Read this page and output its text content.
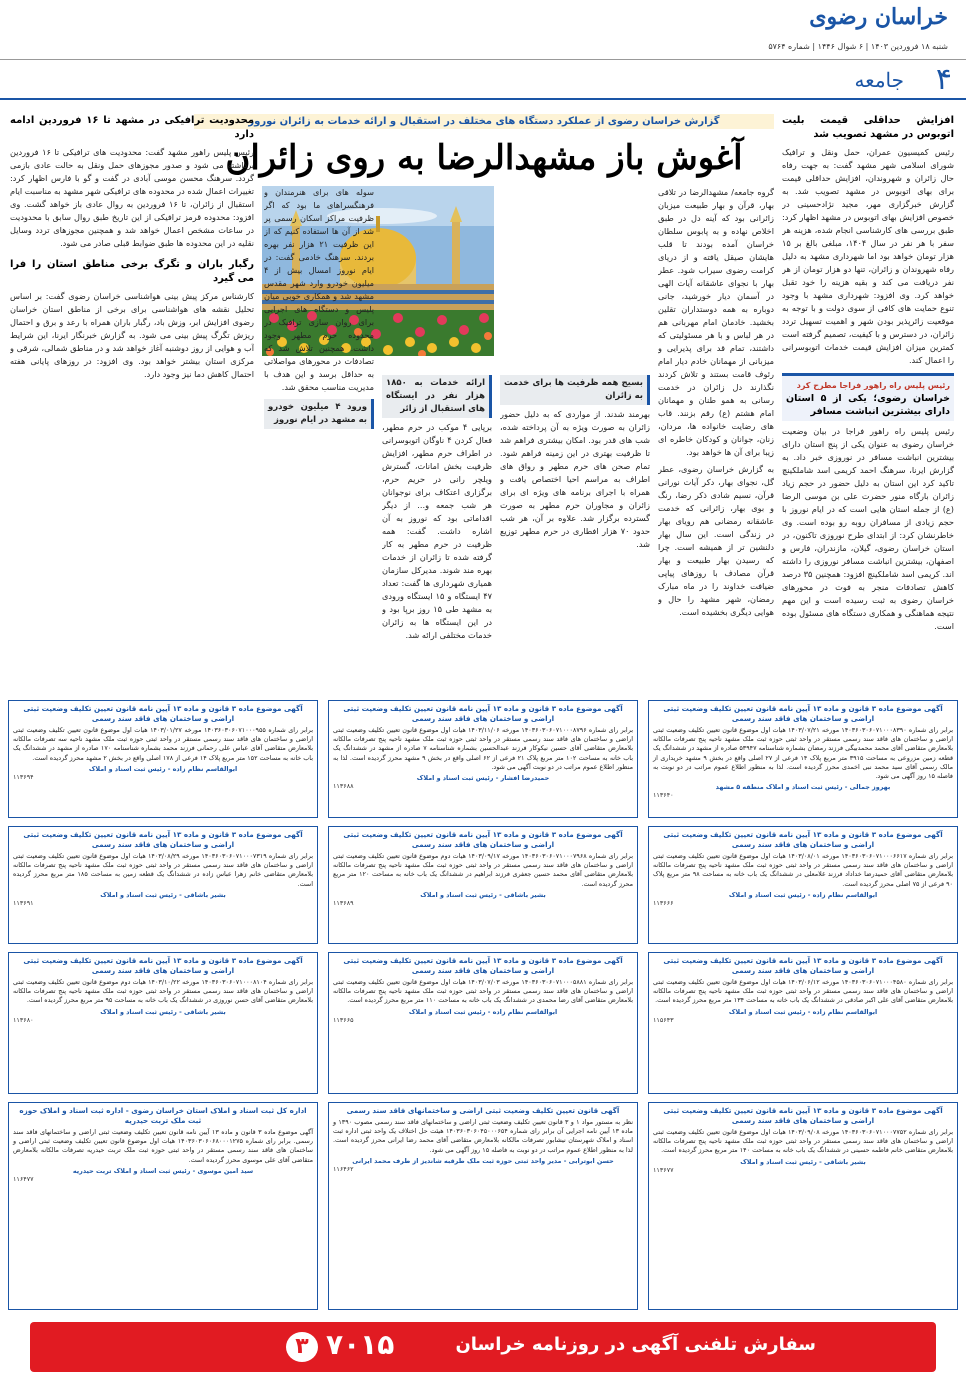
خراسان رضوی
شنبه ۱۸ فروردین ۱۴۰۳ | ۶ شوال ۱۴۴۶ | شماره ۵۷۶۴
۴
جامعه
افزایش حداقلی قیمت بلیت اتوبوس در مشهد تصویب شد

رئیس کمیسیون عمران، حمل ونقل و ترافیک شورای اسلامی شهر مشهد گفت: به جهت رفاه حال زائران و شهروندان، افزایش حداقلی قیمت برای بهای اتوبوس در مشهد تصویب شد. به گزارش خبرگزاری مهر، مجید نژادحسینی در خصوص افزایش بهای اتوبوس در مشهد اظهار کرد: طبق بررسی های کارشناسی انجام شده، هزینه هر سفر با هر نفر در سال ۱۴۰۴، مبلغی بالغ بر ۱۵ هزار تومان خواهد بود اما شهرداری مشهد به دلیل رفاه شهروندان و زائران، تنها دو هزار تومان از هر نفر دریافت می کند و بقیه هزینه را خود تقبل خواهد کرد. وی افزود: شهرداری مشهد با وجود تنوع حمایت های کافی از سوی دولت و با توجه به موقعیت زائرپذیر بودن شهر و اهمیت تسهیل تردد زائران، در دسترس و با کیفیت، تصمیم گرفته است کمترین میزان افزایش قیمت خدمات اتوبوسرانی را اعمال کند.

رئیس پلیس راه راهور فراجا مطرح کرد
خراسان رضوی؛ یکی از ۵ استان دارای بیشترین انباشت مسافر

رئیس پلیس راه راهور فراجا در بیان وضعیت خراسان رضوی به عنوان یکی از پنج استان دارای بیشترین انباشت مسافر در نوروزی خبر داد. به گزارش ایرنا، سرهنگ احمد کریمی اسد شاملکینچ تاکید کرد این استان به دلیل حضور در حجم زیاد زائران بارگاه منور حضرت علی بن موسی الرضا (ع) از جمله استان هایی است که در ایام نوروز با حجم زیادی از مسافران روبه رو بوده است. وی خاطرنشان کرد: از ابتدای طرح نوروزی تاکنون، در استان خراسان رضوی، گیلان، مازندران، فارس و اصفهان، بیشترین انباشت مسافر نوروزی را داشته اند. کریمی اسد شاملکینچ افزود: همچنین ۳۵ درصد کاهش تصادفات منجر به فوت در محورهای خراسان رضوی به ثبت رسیده است و این مهم نتیجه هماهنگی و همکاری دستگاه های مسئول بوده است.

گزارش خراسان رضوی از عملکرد دستگاه های مختلف در استقبال و ارائه خدمات به زائران نوروز
آغوش باز مشهدالرضا به روی زائران

گروه جامعه/ مشهدالرضا در تلاقی بهار، قرآن و بهار طبیعت میزبان زائرانی بود که آینه دل در طبق اخلاص نهاده و به پابوس سلطان خراسان آمده بودند تا قلب هایشان صیقل یافته و از دریای کرامت رضوی سیراب شود. عطر بهار با نجوای عاشقانه آیات الهی در آسمان دیار خورشید، جانی دوباره به همه دوستداران تقلین بخشید. خادمان امام مهربانی هم در هر لباس و با هر مسئولیتی که داشتند، تمام قد برای پذیرایی و میزبانی از مهمانان خادم دیار امام رئوف قامت بستند و تلاش کردند نگذارند دل زائران در خدمت رسانی به همو طنان و مهمانان امام هشتم (ع) رقم بزنند. قاب های رضایت خانواده ها، مردان، زنان، جوانان و کودکان خاطره ای زیبا برای آن ها خواهد بود.

به گزارش خراسان رضوی، عطر گل، نجوای بهار، دکر آیات نورانی قرآن، نسیم شادی ذکر رضا، رنگ و بوی بهار، زائرانی که خدمت عاشقانه رمضانی هم رویای بهار در زندگی است. این سال بهار دلنشین تر از همیشه است. چرا که رسیدن بهار طبیعت و بهار قرآن مصادف با روزهای پیاپی ضیافت خداوند را در ماه مبارک رمضان، شهر مشهد را حال و هوایی دیگری بخشیده است.

بسیج همه ظرفیت ها برای خدمت به زائران

بهرمند شدند. از مواردی که به دلیل حضور زائران به صورت ویژه به آن پرداخته شده، شب های قدر بود. امکان بیشتری فراهم شد تا ظرفیت بهتری در این زمینه فراهم شود. تمام صحن های حرم مطهر و رواق های اطراف به مراسم احیا اختصاص یافت و همراه با اجرای برنامه های ویژه ای برای زائران و مجاوران حرم مطهر به صورت گسترده برگزار شد. علاوه بر آن، هر شب حدود ۷۰ هزار افطاری در حرم مطهر توزیع شد.

ارائه خدمات به ۱۸۵۰ هزار نفر در ایستگاه های استقبال از زائر

برپایی ۴ موکب در حرم مطهر، فعال کردن ۴ ناوگان اتوبوسرانی در اطراف حرم مطهر، افزایش ظرفیت بخش امانات، گسترش ویلچر رانی در حریم حرم، برگزاری اعتکاف برای نوجوانان هر شب جمعه و... از دیگر اقداماتی بود که نوروز به آن اشاره داشت. گفت: همه ظرفیت در حرم مطهر به کار گرفته شده تا زائران از خدمات بهره مند شوند. مدیرکل سازمان همیاری شهرداری ها گفت: تعداد ۴۷ ایستگاه و ۱۵ ایستگاه ورودی به مشهد طی ۱۵ روز برپا بود و در این ایستگاه ها به زائران خدمات مختلفی ارائه شد.

سوله های برای هنرمندان و فرهنگسراهای ما بود که اگر ظرفیت مراکز اسکان رسمی پر شد از آن ها استفاده کنیم که از این ظرفیت ۲۱ هزار نفر بهره بردند. سرهنگ خادمی گفت: در ایام نوروز امسال بیش از ۴ میلیون خودرو وارد شهر مقدس مشهد شد و همکاری خوبی میان پلیس و دستگاه های اجرایی برای روان سازی ترافیک در محدوده حرم مطهر وجود داشت. همچنین تلاش شد که تصادفات در محورهای مواصلاتی به حداقل برسد و این هدف با مدیریت مناسب محقق شد.

ورود ۴ میلیون خودرو به مشهد در ایام نوروز
محدودیت ترافیکی در مشهد تا ۱۶ فروردین ادامه دارد

رئیس پلیس راهور مشهد گفت: محدودیت های ترافیکی تا ۱۶ فروردین برداشته می شود و صدور مجوزهای حمل ونقل به حالت عادی بازمی گردد. سرهنگ محسن موسی آبادی در گفت و گو با فارس اظهار کرد: تغییرات اعمال شده در محدوده های ترافیکی شهر مشهد به مناسبت ایام استقبال از زائران، تا ۱۶ فروردین به روال عادی باز خواهد گشت. وی افزود: محدوده قرمز ترافیکی از این تاریخ طبق روال سابق با محدودیت در ساعات مشخص اعمال خواهد شد و همچنین مجوزهای تردد وسایل نقلیه در این محدوده ها طبق ضوابط قبلی صادر می شود.

رگبار باران و تگرگ برخی مناطق استان را فرا می گیرد

کارشناس مرکز پیش بینی هواشناسی خراسان رضوی گفت: بر اساس تحلیل نقشه های هواشناسی برای برخی از مناطق استان خراسان رضوی افزایش ابر، وزش باد، رگبار باران همراه با رعد و برق و احتمال ریزش تگرگ پیش بینی می شود. به گزارش خبرنگار ایرنا، این شرایط آب و هوایی از روز دوشنبه آغاز خواهد شد و در مناطق شمالی، شرقی و مرکزی استان بیشتر خواهد بود. وی افزود: در روزهای پایانی هفته احتمال کاهش دما نیز وجود دارد.

آگهی موضوع ماده ۳ قانون و ماده ۱۳ آیین نامه قانون تعیین تکلیف وضعیت ثبتی اراضی و ساختمان های فاقد سند رسمی
برابر رای شماره ۱۴۰۳۶۰۳۰۶۰۷۱۰۰۰۸۳۹۰ مورخه ۱۴۰۳/۰۷/۲۱ هیات اول موضوع قانون تعیین تکلیف وضعیت ثبتی اراضی و ساختمان های فاقد سند رسمی مستقر در واحد ثبتی حوزه ثبت ملک مشهد ناحیه پنج تصرفات مالکانه بلامعارض متقاضی آقای محمد محمدبیگی فرزند رمضان بشماره شناسنامه ۵۳۹۴۷ صادره از مشهد در ششدانگ یک قطعه زمین مزروعی به مساحت ۳۹۱۵ متر مربع پلاک ۱۴ فرعی از ۲۷ اصلی واقع در بخش ۹ مشهد خریداری از مالک رسمی آقای سید محمد نبی اخمدی محرز گردیده است. لذا به منظور اطلاع عموم مراتب در دو نوبت به فاصله ۱۵ روز آگهی می شود.
بهروز جمالی - رئیس ثبت اسناد و املاک منطقه ۵ مشهد
۱۱۳۶۴۰
آگهی موضوع ماده ۳ قانون و ماده ۱۳ آیین نامه قانون تعیین تکلیف وضعیت ثبتی اراضی و ساختمان های فاقد سند رسمی
برابر رای شماره ۱۴۰۳۶۰۳۰۶۰۷۱۰۰۰۸۷۹۶ مورخه ۱۴۰۳/۱۱/۰۶ هیات اول موضوع قانون تعیین تکلیف وضعیت ثبتی اراضی و ساختمان های فاقد سند رسمی مستقر در واحد ثبتی حوزه ثبت ملک مشهد ناحیه پنج تصرفات مالکانه بلامعارض متقاضی آقای حسین نیکوکار فرزند عبدالحسین بشماره شناسنامه ۷ صادره از مشهد در ششدانگ یک باب خانه به مساحت ۱۰۲ متر مربع پلاک ۲۱ فرعی از ۶۲ اصلی واقع در بخش ۹ مشهد محرز گردیده است. لذا به منظور اطلاع عموم مراتب در دو نوبت آگهی می شود.
حمیدرضا افشار - رئیس ثبت اسناد و املاک
۱۱۳۶۸۸
آگهی موضوع ماده ۳ قانون و ماده ۱۳ آیین نامه قانون تعیین تکلیف وضعیت ثبتی اراضی و ساختمان های فاقد سند رسمی
برابر رای شماره ۱۴۰۳۶۰۳۰۶۰۷۱۰۰۰۹۵۵ مورخه ۱۴۰۳/۰۱/۲۷ هیات اول موضوع قانون تعیین تکلیف وضعیت ثبتی اراضی و ساختمان های فاقد سند رسمی مستقر در واحد ثبتی حوزه ثبت ملک مشهد ناحیه سه تصرفات مالکانه بلامعارض متقاضی آقای عباس علی رحمانی فرزند محمد بشماره شناسنامه ۱۷۰ صادره از مشهد در ششدانگ یک باب خانه به مساحت ۱۵۲ متر مربع پلاک ۱۴ فرعی از ۱۷۸ اصلی واقع در بخش ۲ مشهد محرز گردیده است.
ابوالقاسم نظام زاده - رئیس ثبت اسناد و املاک
۱۱۳۶۹۴
آگهی موضوع ماده ۳ قانون و ماده ۱۳ آیین نامه قانون تعیین تکلیف وضعیت ثبتی اراضی و ساختمان های فاقد سند رسمی
برابر رای شماره ۱۴۰۳۶۰۳۰۶۰۷۱۰۰۰۶۶۱۷ مورخه ۱۴۰۳/۰۸/۰۱ هیات اول موضوع قانون تعیین تکلیف وضعیت ثبتی اراضی و ساختمان های فاقد سند رسمی مستقر در واحد ثبتی حوزه ثبت ملک مشهد ناحیه پنج تصرفات مالکانه بلامعارض متقاضی آقای حمیدرضا خداداد فرزند غلامعلی در ششدانگ یک باب خانه به مساحت ۹۸ متر مربع پلاک ۹۰ فرعی از ۷۵ اصلی محرز گردیده است.
ابوالقاسم نظام زاده - رئیس ثبت اسناد و املاک
۱۱۳۶۶۶
آگهی موضوع ماده ۳ قانون و ماده ۱۳ آیین نامه قانون تعیین تکلیف وضعیت ثبتی اراضی و ساختمان های فاقد سند رسمی
برابر رای شماره ۱۴۰۳۶۰۳۰۶۰۷۱۰۰۰۷۹۶۸ مورخه ۱۴۰۳/۰۹/۱۷ هیات دوم موضوع قانون تعیین تکلیف وضعیت ثبتی اراضی و ساختمان های فاقد سند رسمی مستقر در واحد ثبتی حوزه ثبت ملک مشهد ناحیه پنج تصرفات مالکانه بلامعارض متقاضی آقای محمد حسین جعفری فرزند ابراهیم در ششدانگ یک باب خانه به مساحت ۱۲۰ متر مربع محرز گردیده است.
بشیر باشاقی - رئیس ثبت اسناد و املاک
۱۱۳۶۸۹
آگهی موضوع ماده ۳ قانون و ماده ۱۳ آیین نامه قانون تعیین تکلیف وضعیت ثبتی اراضی و ساختمان های فاقد سند رسمی
برابر رای شماره ۱۴۰۳۶۰۳۰۶۰۷۱۰۰۰۷۳۱۹ مورخه ۱۴۰۳/۰۸/۲۹ هیات اول موضوع قانون تعیین تکلیف وضعیت ثبتی اراضی و ساختمان های فاقد سند رسمی مستقر در واحد ثبتی حوزه ثبت ملک مشهد ناحیه پنج تصرفات مالکانه بلامعارض متقاضی خانم زهرا عباس زاده در ششدانگ یک قطعه زمین به مساحت ۱۸۵ متر مربع محرز گردیده است.
بشیر باشاقی - رئیس ثبت اسناد و املاک
۱۱۳۶۹۱
آگهی موضوع ماده ۳ قانون و ماده ۱۳ آیین نامه قانون تعیین تکلیف وضعیت ثبتی اراضی و ساختمان های فاقد سند رسمی
برابر رای شماره ۱۴۰۳۶۰۳۰۶۰۷۱۰۰۰۴۵۸۰ مورخه ۱۴۰۳/۰۶/۱۲ هیات اول موضوع قانون تعیین تکلیف وضعیت ثبتی اراضی و ساختمان های فاقد سند رسمی مستقر در واحد ثبتی حوزه ثبت ملک مشهد ناحیه پنج تصرفات مالکانه بلامعارض متقاضی آقای علی اکبر صادقی در ششدانگ یک باب خانه به مساحت ۱۳۴ متر مربع محرز گردیده است.
ابوالقاسم نظام زاده - رئیس ثبت اسناد و املاک
۱۱۵۶۴۳
آگهی موضوع ماده ۳ قانون و ماده ۱۳ آیین نامه قانون تعیین تکلیف وضعیت ثبتی اراضی و ساختمان های فاقد سند رسمی
برابر رای شماره ۱۴۰۳۶۰۳۰۶۰۷۱۰۰۰۵۸۸۱ مورخه ۱۴۰۳/۰۷/۰۳ هیات اول موضوع قانون تعیین تکلیف وضعیت ثبتی اراضی و ساختمان های فاقد سند رسمی مستقر در واحد ثبتی حوزه ثبت ملک مشهد ناحیه پنج تصرفات مالکانه بلامعارض متقاضی آقای رضا محمدی در ششدانگ یک باب خانه به مساحت ۱۱۰ متر مربع محرز گردیده است.
ابوالقاسم نظام زاده - رئیس ثبت اسناد و املاک
۱۱۳۶۶۵
آگهی موضوع ماده ۳ قانون و ماده ۱۳ آیین نامه قانون تعیین تکلیف وضعیت ثبتی اراضی و ساختمان های فاقد سند رسمی
برابر رای شماره ۱۴۰۳۶۰۳۰۶۰۷۱۰۰۰۸۱۰۴ مورخه ۱۴۰۳/۱۰/۲۲ هیات دوم موضوع قانون تعیین تکلیف وضعیت ثبتی اراضی و ساختمان های فاقد سند رسمی مستقر در واحد ثبتی حوزه ثبت ملک مشهد ناحیه پنج تصرفات مالکانه بلامعارض متقاضی آقای حسن نوروزی در ششدانگ یک باب خانه به مساحت ۹۵ متر مربع محرز گردیده است.
بشیر باشاقی - رئیس ثبت اسناد و املاک
۱۱۳۶۸۰
آگهی موضوع ماده ۳ قانون و ماده ۱۳ آیین نامه قانون تعیین تکلیف وضعیت ثبتی اراضی و ساختمان های فاقد سند رسمی
برابر رای شماره ۱۴۰۳۶۰۳۰۶۰۷۱۰۰۰۷۷۵۲ مورخه ۱۴۰۳/۰۹/۰۸ هیات اول موضوع قانون تعیین تکلیف وضعیت ثبتی اراضی و ساختمان های فاقد سند رسمی مستقر در واحد ثبتی حوزه ثبت ملک مشهد ناحیه پنج تصرفات مالکانه بلامعارض متقاضی خانم فاطمه حسینی در ششدانگ یک باب خانه به مساحت ۱۴۰ متر مربع محرز گردیده است.
بشیر باشاقی - رئیس ثبت اسناد و املاک
۱۱۳۶۷۷
آگهی قانون تعیین تکلیف وضعیت ثبتی اراضی و ساختمانهای فاقد سند رسمی
نظر به مستور مواد ۱ و ۳ قانون تعیین تکلیف وضعیت ثبتی اراضی و ساختمانهای فاقد سند رسمی مصوب ۱۳۹۰ و ماده ۱۳ آیین نامه اجرایی آن برابر رای شماره ۱۴۰۳۶۰۳۰۶۰۴۵۰۰۰۶۵۴ هیئت حل اختلاف یک واحد ثبتی اداره ثبت اسناد و املاک شهرستان نیشابور تصرفات مالکانه بلامعارض متقاضی آقای محمد رضا ایرانی محرز گردیده است. لذا به منظور اطلاع عموم مراتب در دو نوبت به فاصله ۱۵ روز آگهی می شود.
حسن ابوترابی - مدیر واحد ثبتی حوزه ثبت ملک طرقبه شاندیز از طرف محمد ایرانی
۱۱۶۴۶۲
اداره کل ثبت اسناد و املاک استان خراسان رضوی - اداره ثبت اسناد و املاک حوزه ثبت ملک تربت حیدریه
آگهی موضوع ماده ۳ قانون و ماده ۱۳ آیین نامه قانون تعیین تکلیف وضعیت ثبتی اراضی و ساختمانهای فاقد سند رسمی. برابر رای شماره ۱۴۰۳۶۰۳۰۶۰۶۸۰۰۰۱۲۷۵ هیات اول موضوع قانون تعیین تکلیف وضعیت ثبتی اراضی و ساختمان های فاقد سند رسمی مستقر در واحد ثبتی حوزه ثبت ملک تربت حیدریه تصرفات مالکانه بلامعارض متقاضی آقای علی موسوی محرز گردیده است.
سید امین موسوی - رئیس ثبت اسناد و املاک تربت حیدریه
۱۱۶۴۷۷
سفارش تلفنی آگهی در روزنامه خراسان
۷۰۱۵
۳
